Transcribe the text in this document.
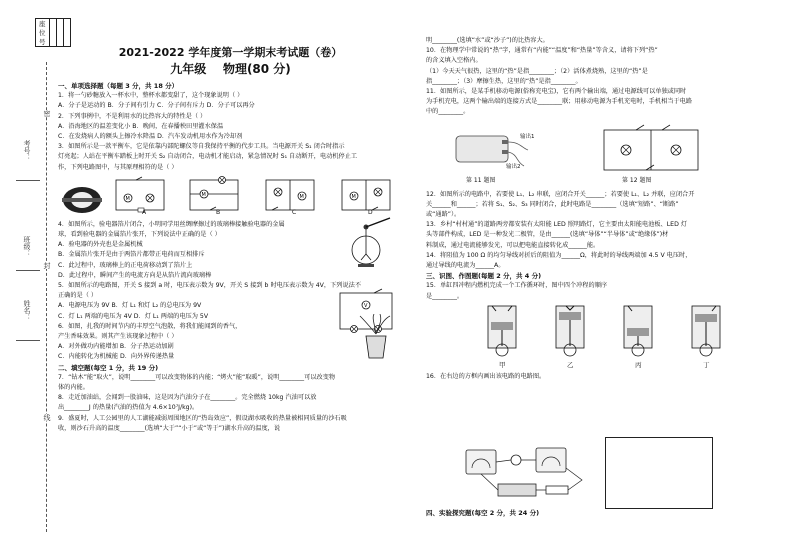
座位号			
考号：
班级：
姓名：
密
封
线
2021-2022 学年度第一学期末考试题（卷）
九年级 物理(80 分)
一、单项选择题（每题 3 分，共 18 分）
1．将一勺砂糖放入一杯水中，整杯水都变甜了，这个现象说明（ ）
A．分子是运动的 B．分子间有引力 C．分子间有斥力 D．分子可以再分
2．下列事例中，不是利用水的比热容大的特性是（ ）
A．沿海地区的温差变化小 B．晚间，在春播秧田里灌水保温
C．在发烧病人的额头上擦冷水降温 D．汽车发动机用水作为冷却剂
3．如图所示是一款平衡车，它是依靠内部陀螺仪等自我保持平衡的代步工具。当电源开关 S₁ 闭合时指示
灯亮起；人站在平衡车踏板上时开关 S₂ 自动闭合，电动机才能启动，紧急情况时 S₁ 自动断开，电动机停止工
作，下列电路图中，与其原理相符的是（ ）
M
M	M	M
A	B	C	D
4．如图所示，验电器箔片闭合，小明同学用丝绸摩擦过的玻璃棒接触验电器的金属
球，看到验电器的金属箔片张开，下列说法中正确的是（ ）
A．验电器的外壳也是金属机械
B．金属箔片张开是由于两箔片都带正电荷而互相排斥
C．此过程中，玻璃棒上的正电荷移动到了箔片上
D．此过程中，瞬间产生的电流方向是从箔片流向玻璃棒
5．如图所示的电路图，开关 S 接到 a 时，电压表示数为 9V，开关 S 接到 b 时电压表示数为 4V，下列说法不
正确的是（ ）
A．电源电压为 9V B．灯 L₁ 和灯 L₂ 的总电压为 9V
C．灯 L₁ 两端的电压为 4V D．灯 L₁ 两端的电压为 5V
V
6．如图，扎我的时间节内的丰厚空气泡散，将我们能闻到的香气，
产生香味效果。则其产生该现象过程中（ ）
A．对外做功内能增加 B．分子热运动加剧
C．内能转化为机械能 D．向外界传递热量
二、填空题(每空 1 分，共 19 分)
7．“钻木”能“取火”，说明________可以改变物体的内能；“烤火”能“取暖”，说明________可以改变物
体的内能。
8．走近加油站，会闻到一股油味，这是因为汽油分子在________。完全燃烧 10kg 汽油可以放
出________J 的热量(汽油的热值为 4.6×10⁷J/kg)。
9．盛夏时，人工公园里的人工湖能减弱周围地区的“热岛效应”，假设湖水吸收的热量被相同质量的沙石吸
收，则沙石升高的温度________(选填“大于”“小于”或“等于”)湖水升高的温度，说
明________(选填“水”或“沙子”)的比热容大。
10．在物理学中常说的“热”字，通常有“内能”“温度”和“热量”等含义，请将下列“热”
的含义填入空格内。
（1）今天天气很热，这里的“热”是指________；（2）活体煮烧熟，这里的“热”是
指________；（3）摩擦生热，这里的“热”是指________。
11．如图所示，是某手机移动电源(俗称充电宝)，它有两个输出端，通过电源线可以单独或同时
为手机充电，这两个输出端的连接方式是________联；用移动电源为手机充电时，手机相当于电路
中的________。
输出1
输出2
第 11 题图	第 12 题图
12．如图所示的电路中，若要使 L₁、L₂ 串联，应闭合开关______；若要使 L₁、L₂ 并联，应闭合开
关______和______；若将 S₁、S₂、S₃ 同时闭合，此时电路是________（选填“短路”、“断路”
或“通路”）。
13．乡村“村村通”的道路两旁都安装有太阳能 LED 照明路灯，它主要由太阳能电池板、LED 灯
头等部件构成，LED 是一种发光二极管，是由______(选填“导体”“半导体”或“绝缘体”)材
料制成，通过电流能够发光，可以把电能直接转化成______能。
14．将阻值为 100 Ω 的均匀导线对折后的阻值为______Ω，将此时的导线两端加 4.5 V 电压时，
通过导线的电流为______A。
三、识图、作图题(每题 2 分，共 4 分)
15．单缸四冲程内燃机完成一个工作循环时，图中四个冲程的顺序
是________。
甲	乙	丙	丁
16．在右边的方框内画出该电路的电路图。
四、实验探究题(每空 2 分，共 24 分)
